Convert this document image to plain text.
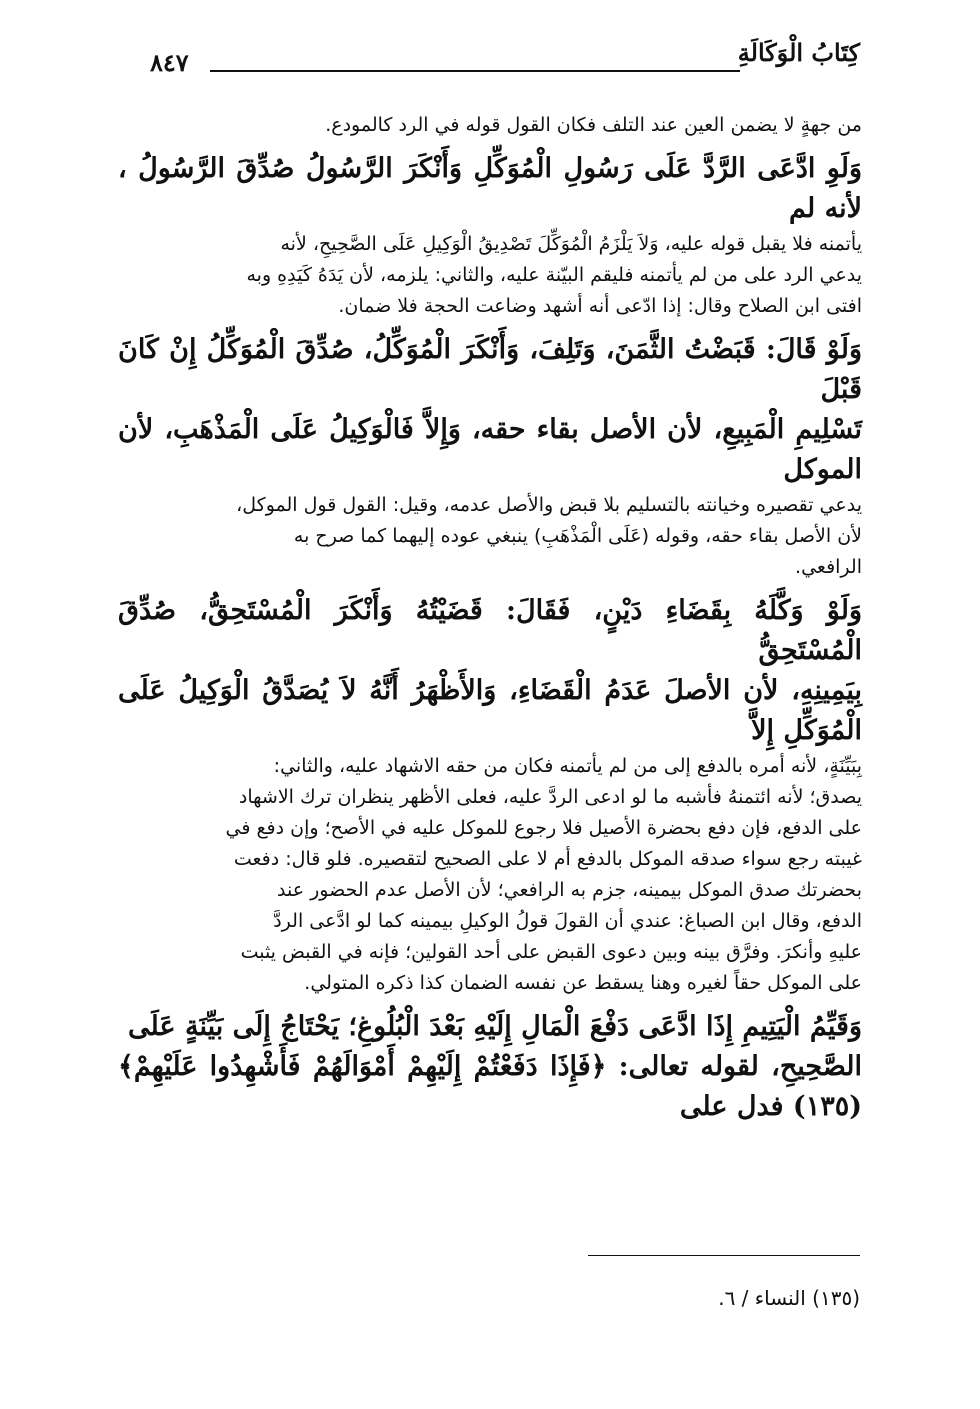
كِتَابُ الْوَكَالَةِ
٨٤٧

من جهةٍ لا يضمن العين عند التلف فكان القول قوله في الرد كالمودع.

وَلَوِ ادَّعَى الرَّدَّ عَلَى رَسُولِ الْمُوَكِّلِ وَأَنْكَرَ الرَّسُولُ صُدِّقَ الرَّسُولُ ، لأنه لم

يأتمنه فلا يقبل قوله عليه، وَلاَ يَلْزَمُ الْمُوَكِّلَ تَصْدِيقُ الْوَكِيلِ عَلَى الصَّحِيحِ، لأنه

يدعي الرد على من لم يأتمنه فليقم البيّنة عليه، والثاني: يلزمه، لأن يَدَهُ كَيَدِهِ وبه

افتى ابن الصلاح وقال: إذا ادّعى أنه أشهد وضاعت الحجة فلا ضمان.

وَلَوْ قَالَ: قَبَضْتُ الثَّمَنَ، وَتَلِفَ، وَأَنْكَرَ الْمُوَكِّلُ، صُدِّقَ الْمُوَكِّلُ إِنْ كَانَ قَبْلَ

تَسْلِيمِ الْمَبِيعِ، لأن الأصل بقاء حقه، وَإِلاَّ فَالْوَكِيلُ عَلَى الْمَذْهَبِ، لأن الموكل

يدعي تقصيره وخيانته بالتسليم بلا قبض والأصل عدمه، وقيل: القول قول الموكل،

لأن الأصل بقاء حقه، وقوله (عَلَى الْمَذْهَبِ) ينبغي عوده إليهما كما صرح به

الرافعي.

وَلَوْ وَكَّلَهُ بِقَضَاءِ دَيْنٍ، فَقَالَ: قَضَيْتُهُ وَأَنْكَرَ الْمُسْتَحِقُّ، صُدِّقَ الْمُسْتَحِقُّ

بِيَمِينِهِ، لأن الأصلَ عَدَمُ الْقَضَاءِ، وَالأَظْهَرُ أَنَّهُ لاَ يُصَدَّقُ الْوَكِيلُ عَلَى الْمُوَكِّلِ إِلاَّ

بِبَيِّنَةٍ، لأنه أمره بالدفع إلى من لم يأتمنه فكان من حقه الاشهاد عليه، والثاني:

يصدق؛ لأنه ائتمنهُ فأشبه ما لو ادعى الردَّ عليه، فعلى الأظهر ينظران ترك الاشهاد

على الدفع، فإن دفع بحضرة الأصيل فلا رجوع للموكل عليه في الأصح؛ وإن دفع في

غيبته رجع سواء صدقه الموكل بالدفع أم لا على الصحيح لتقصيره. فلو قال: دفعت

بحضرتك صدق الموكل بيمينه، جزم به الرافعي؛ لأن الأصل عدم الحضور عند

الدفع، وقال ابن الصباغ: عندي أن القولَ قولُ الوكيلِ بيمينه كما لو ادَّعى الردَّ

عليهِ وأنكرَ. وفرَّق بينه وبين دعوى القبض على أحد القولين؛ فإنه في القبض يثبت

على الموكل حقاً لغيره وهنا يسقط عن نفسه الضمان كذا ذكره المتولي.

وَقَيِّمُ الْيَتِيمِ إِذَا ادَّعَى دَفْعَ الْمَالِ إِلَيْهِ بَعْدَ الْبُلُوغِ؛ يَحْتَاجُ إِلَى بَيِّنَةٍ عَلَى

الصَّحِيحِ، لقوله تعالى: ﴿فَإِذَا دَفَعْتُمْ إِلَيْهِمْ أَمْوَالَهُمْ فَأَشْهِدُوا عَلَيْهِمْ﴾(١٣٥) فدل على

(١٣٥) النساء / ٦.
